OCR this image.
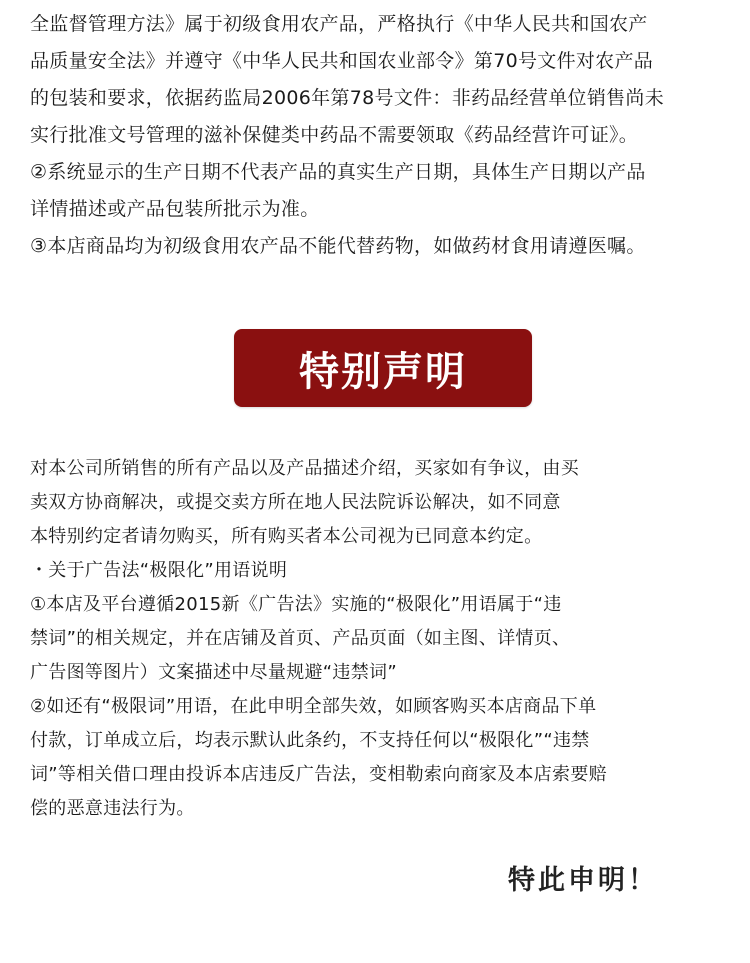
全监督管理方法》属于初级食用农产品，严格执行《中华人民共和国农产
品质量安全法》并遵守《中华人民共和国农业部令》第70号文件对农产品
的包装和要求，依据药监局2006年第78号文件：非药品经营单位销售尚未
实行批准文号管理的滋补保健类中药品不需要领取《药品经营许可证》。
②系统显示的生产日期不代表产品的真实生产日期，具体生产日期以产品
详情描述或产品包装所批示为准。
③本店商品均为初级食用农产品不能代替药物，如做药材食用请遵医嘱。
特别声明
对本公司所销售的所有产品以及产品描述介绍，买家如有争议，由买
卖双方协商解决，或提交卖方所在地人民法院诉讼解决，如不同意
本特别约定者请勿购买，所有购买者本公司视为已同意本约定。
・关于广告法“极限化”用语说明
①本店及平台遵循2015新《广告法》实施的“极限化”用语属于“违
禁词”的相关规定，并在店铺及首页、产品页面（如主图、详情页、
广告图等图片）文案描述中尽量规避“违禁词”
②如还有“极限词”用语，在此申明全部失效，如顾客购买本店商品下单
付款，订单成立后，均表示默认此条约，不支持任何以“极限化”“违禁
词”等相关借口理由投诉本店违反广告法，变相勒索向商家及本店索要赔
偿的恶意违法行为。
特此申明！
